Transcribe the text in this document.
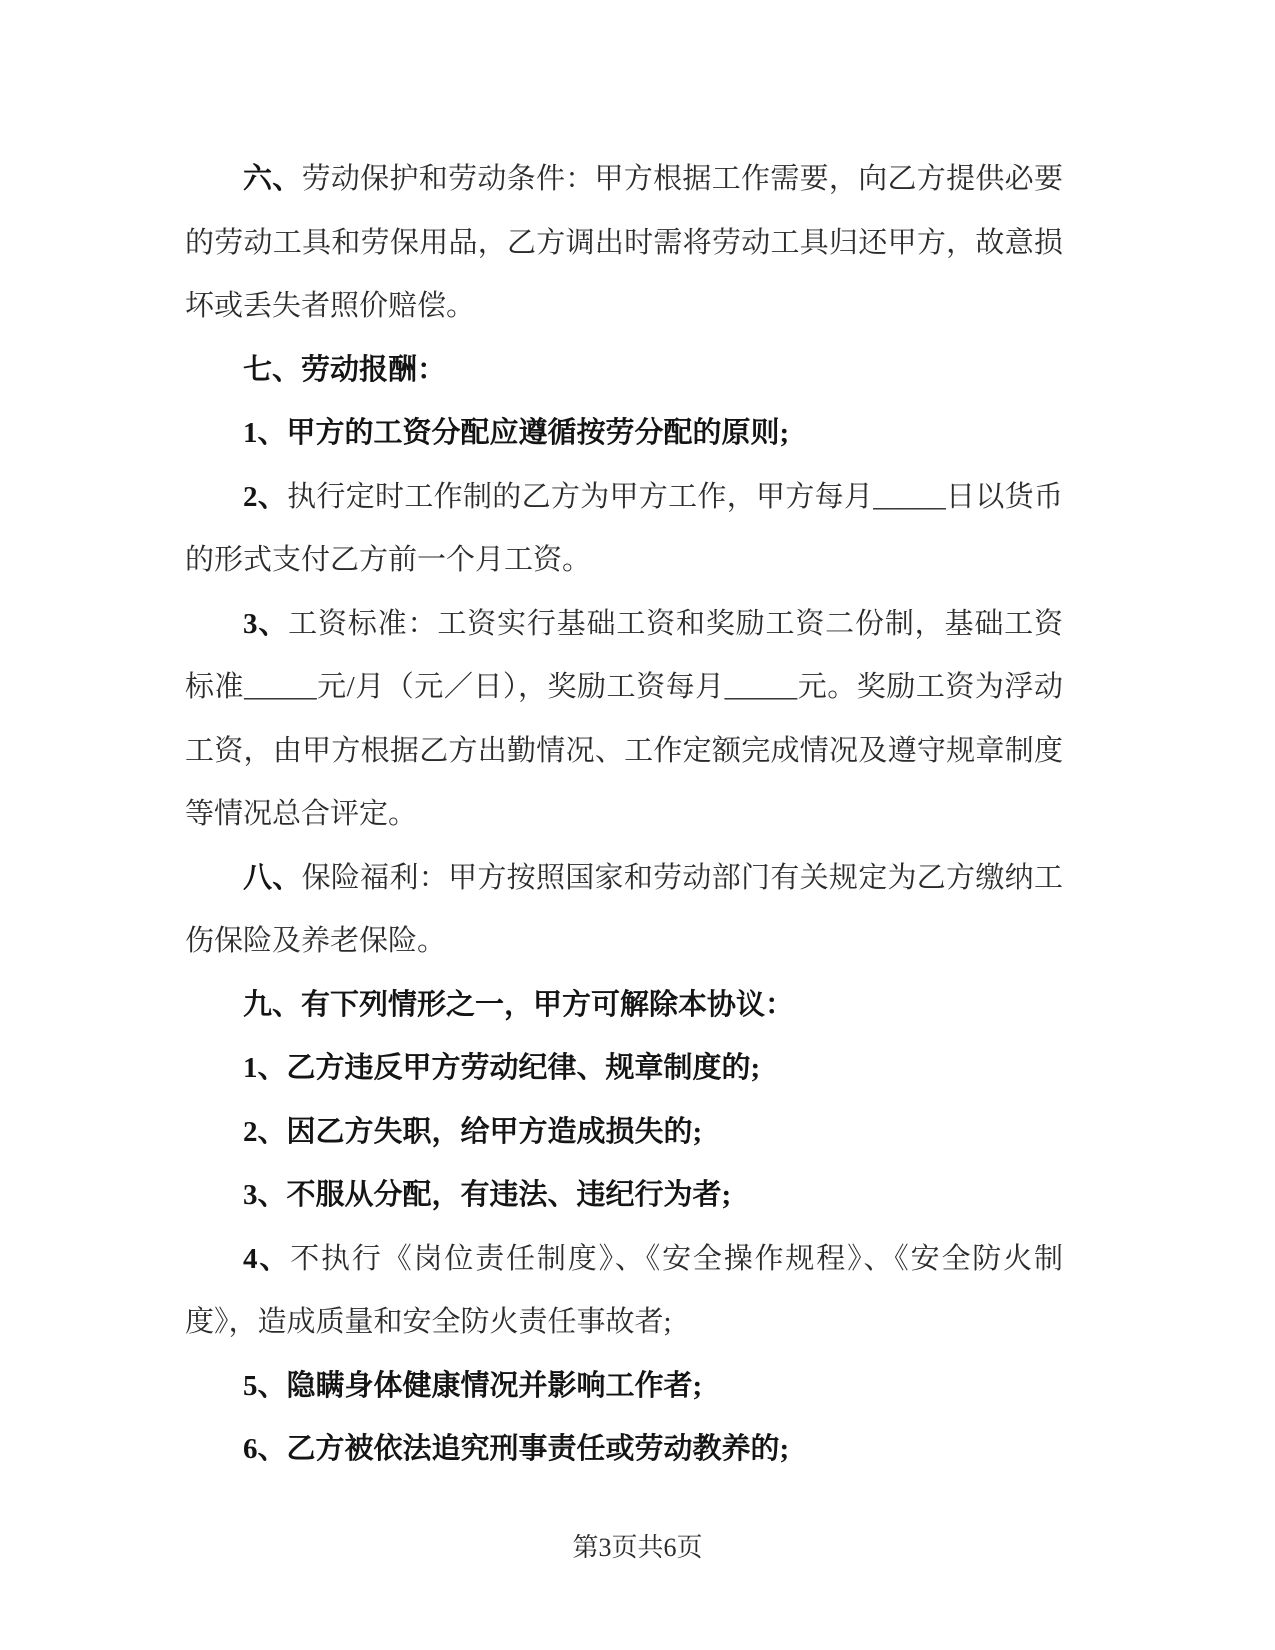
六、劳动保护和劳动条件：甲方根据工作需要，向乙方提供必要的劳动工具和劳保用品，乙方调出时需将劳动工具归还甲方，故意损坏或丢失者照价赔偿。

七、劳动报酬：

1、甲方的工资分配应遵循按劳分配的原则;

2、执行定时工作制的乙方为甲方工作，甲方每月_____日以货币的形式支付乙方前一个月工资。

3、工资标准：工资实行基础工资和奖励工资二份制，基础工资标准_____元/月（元／日），奖励工资每月_____元。奖励工资为浮动工资，由甲方根据乙方出勤情况、工作定额完成情况及遵守规章制度等情况总合评定。

八、保险福利：甲方按照国家和劳动部门有关规定为乙方缴纳工伤保险及养老保险。

九、有下列情形之一，甲方可解除本协议：

1、乙方违反甲方劳动纪律、规章制度的;

2、因乙方失职，给甲方造成损失的;

3、不服从分配，有违法、违纪行为者;

4、不执行《岗位责任制度》、《安全操作规程》、《安全防火制度》，造成质量和安全防火责任事故者;

5、隐瞒身体健康情况并影响工作者;

6、乙方被依法追究刑事责任或劳动教养的;

第3页共6页
